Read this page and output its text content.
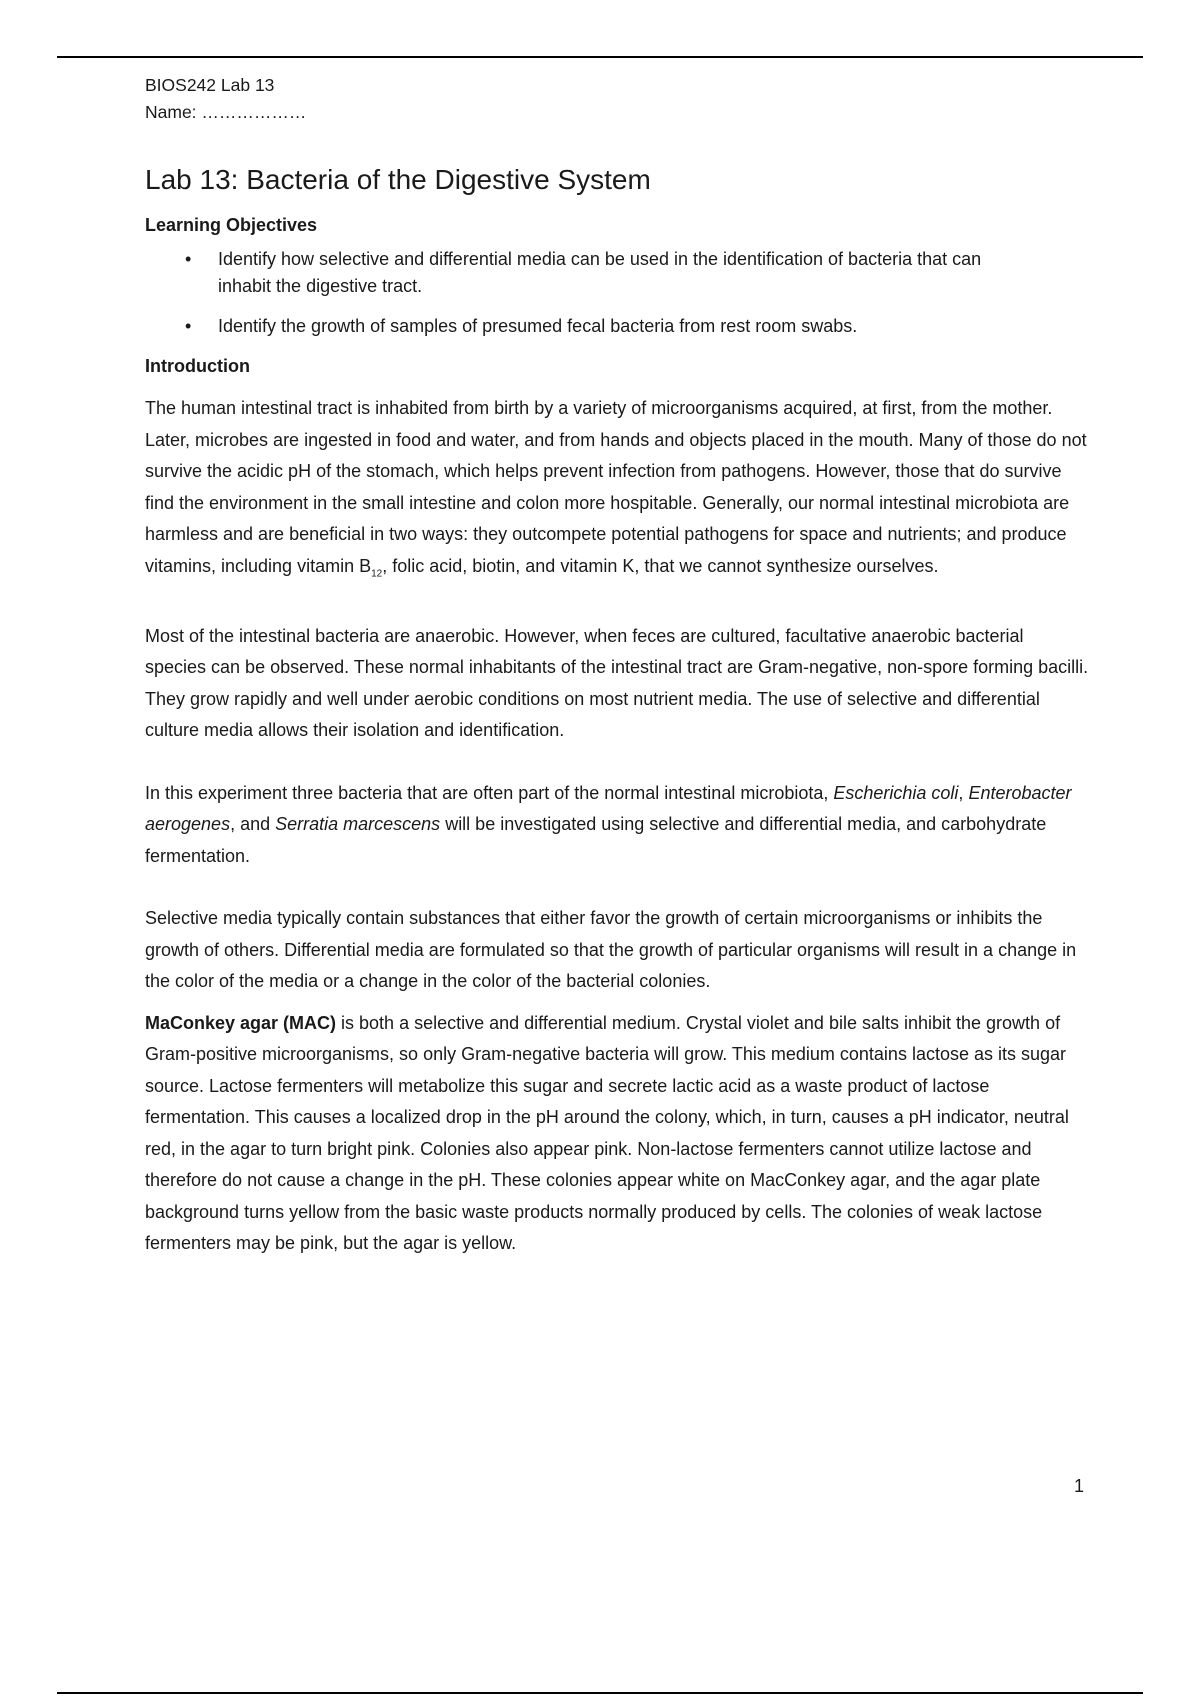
BIOS242 Lab 13

Name: ………………

Lab 13: Bacteria of the Digestive System
Learning Objectives
• Identify how selective and differential media can be used in the identification of bacteria that can inhabit the digestive tract.
• Identify the growth of samples of presumed fecal bacteria from rest room swabs.
Introduction

The human intestinal tract is inhabited from birth by a variety of microorganisms acquired, at first, from the mother. Later, microbes are ingested in food and water, and from hands and objects placed in the mouth. Many of those do not survive the acidic pH of the stomach, which helps prevent infection from pathogens. However, those that do survive find the environment in the small intestine and colon more hospitable. Generally, our normal intestinal microbiota are harmless and are beneficial in two ways: they outcompete potential pathogens for space and nutrients; and produce vitamins, including vitamin $B_{12}$, folic acid, biotin, and vitamin K, that we cannot synthesize ourselves.

Most of the intestinal bacteria are anaerobic. However, when feces are cultured, facultative anaerobic bacterial species can be observed. These normal inhabitants of the intestinal tract are Gram-negative, non-spore forming bacilli. They grow rapidly and well under aerobic conditions on most nutrient media. The use of selective and differential culture media allows their isolation and identification.

In this experiment three bacteria that are often part of the normal intestinal microbiota, Escherichia coli, Enterobacter aerogenes, and Serratia marcescens will be investigated using selective and differential media, and carbohydrate fermentation.

Selective media typically contain substances that either favor the growth of certain microorganisms or inhibits the growth of others. Differential media are formulated so that the growth of particular organisms will result in a change in the color of the media or a change in the color of the bacterial colonies.

MaConkey agar (MAC) is both a selective and differential medium. Crystal violet and bile salts inhibit the growth of Gram-positive microorganisms, so only Gram-negative bacteria will grow. This medium contains lactose as its sugar source. Lactose fermenters will metabolize this sugar and secrete lactic acid as a waste product of lactose fermentation. This causes a localized drop in the pH around the colony, which, in turn, causes a pH indicator, neutral red, in the agar to turn bright pink. Colonies also appear pink. Non-lactose fermenters cannot utilize lactose and therefore do not cause a change in the pH. These colonies appear white on MacConkey agar, and the agar plate background turns yellow from the basic waste products normally produced by cells. The colonies of weak lactose fermenters may be pink, but the agar is yellow.

1
